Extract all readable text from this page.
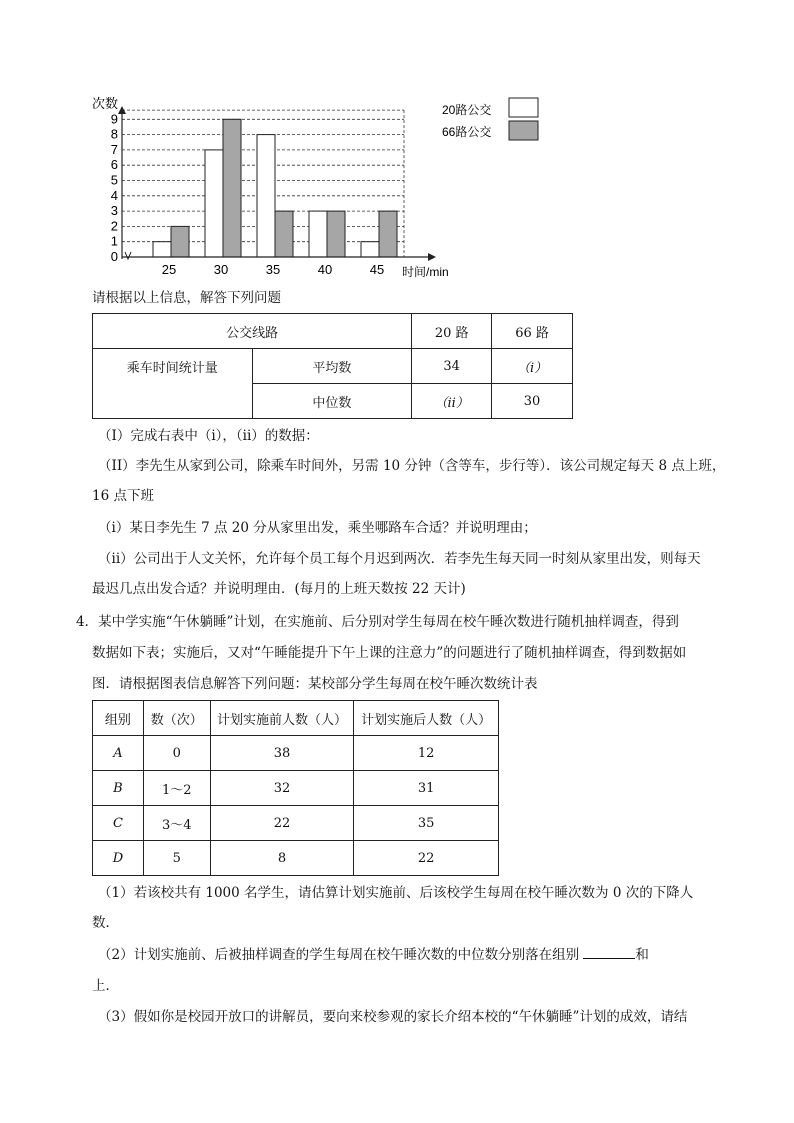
0
1
2
3
4
5
6
7
8
9
25	30	35	40	45
次数
时间/min
20路公交
66路公交
请根据以上信息，解答下列问题
公交线路		20 路	66 路
乘车时间统计量	平均数	34	（i）
	中位数	（ii）	30
（I）完成右表中（i），（ii）的数据：
（II）李先生从家到公司，除乘车时间外，另需 10 分钟（含等车，步行等）．该公司规定每天 8 点上班，
16 点下班
（i）某日李先生 7 点 20 分从家里出发，乘坐哪路车合适？并说明理由；
（ii）公司出于人文关怀，允许每个员工每个月迟到两次．若李先生每天同一时刻从家里出发，则每天
最迟几点出发合适？并说明理由．(每月的上班天数按 22 天计)
4．某中学实施“午休躺睡”计划，在实施前、后分别对学生每周在校午睡次数进行随机抽样调查，得到
数据如下表；实施后，又对“午睡能提升下午上课的注意力”的问题进行了随机抽样调查，得到数据如
图．请根据图表信息解答下列问题：某校部分学生每周在校午睡次数统计表
组别	数（次）	计划实施前人数（人）	计划实施后人数（人）
A	0	38	12
B	1～2	32	31
C	3～4	22	35
D	5	8	22
（1）若该校共有 1000 名学生，请估算计划实施前、后该校学生每周在校午睡次数为 0 次的下降人
数．
（2）计划实施前、后被抽样调查的学生每周在校午睡次数的中位数分别落在组别	和
上．
（3）假如你是校园开放口的讲解员，要向来校参观的家长介绍本校的“午休躺睡”计划的成效，请结
